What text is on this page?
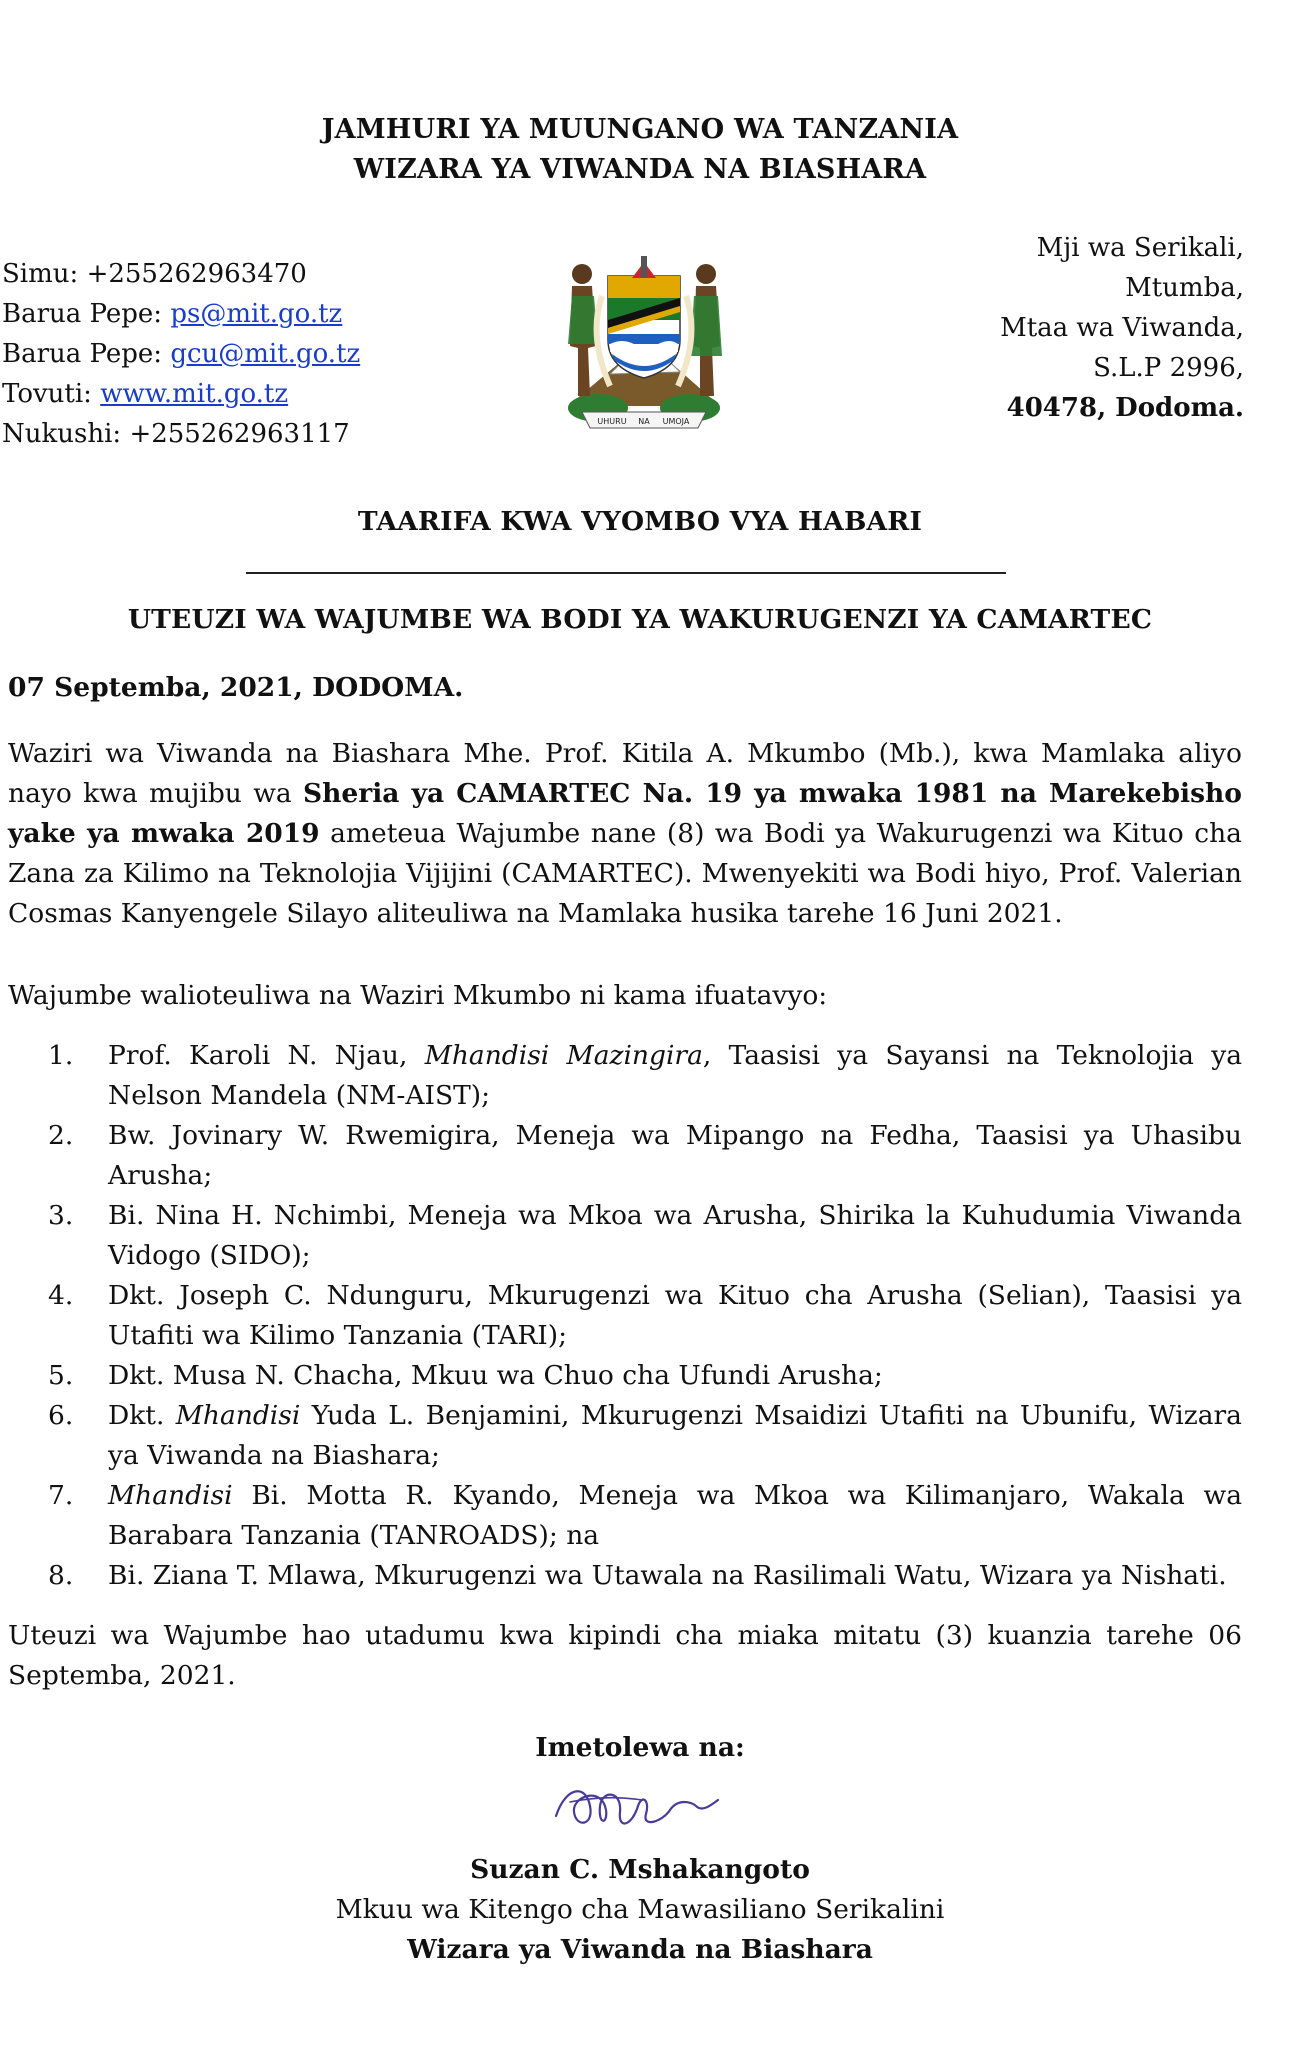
JAMHURI YA MUUNGANO WA TANZANIA
WIZARA YA VIWANDA NA BIASHARA
Simu: +255262963470
Barua Pepe: ps@mit.go.tz
Barua Pepe: gcu@mit.go.tz
Tovuti: www.mit.go.tz
Nukushi: +255262963117	UHURU NA UMOJA
Mji wa Serikali,
Mtumba,
Mtaa wa Viwanda,
S.L.P 2996,
40478, Dodoma.
TAARIFA KWA VYOMBO VYA HABARI
UTEUZI WA WAJUMBE WA BODI YA WAKURUGENZI YA CAMARTEC
07 Septemba, 2021, DODOMA.
Waziri wa Viwanda na Biashara Mhe. Prof. Kitila A. Mkumbo (Mb.), kwa Mamlaka aliyo nayo kwa mujibu wa Sheria ya CAMARTEC Na. 19 ya mwaka 1981 na Marekebisho yake ya mwaka 2019 ameteua Wajumbe nane (8) wa Bodi ya Wakurugenzi wa Kituo cha Zana za Kilimo na Teknolojia Vijijini (CAMARTEC). Mwenyekiti wa Bodi hiyo, Prof. Valerian Cosmas Kanyengele Silayo aliteuliwa na Mamlaka husika tarehe 16 Juni 2021.
Wajumbe walioteuliwa na Waziri Mkumbo ni kama ifuatavyo:
1. Prof. Karoli N. Njau, Mhandisi Mazingira, Taasisi ya Sayansi na Teknolojia ya Nelson Mandela (NM-AIST);
2. Bw. Jovinary W. Rwemigira, Meneja wa Mipango na Fedha, Taasisi ya Uhasibu Arusha;
3. Bi. Nina H. Nchimbi, Meneja wa Mkoa wa Arusha, Shirika la Kuhudumia Viwanda Vidogo (SIDO);
4. Dkt. Joseph C. Ndunguru, Mkurugenzi wa Kituo cha Arusha (Selian), Taasisi ya Utafiti wa Kilimo Tanzania (TARI);
5. Dkt. Musa N. Chacha, Mkuu wa Chuo cha Ufundi Arusha;
6. Dkt. Mhandisi Yuda L. Benjamini, Mkurugenzi Msaidizi Utafiti na Ubunifu, Wizara ya Viwanda na Biashara;
7. Mhandisi Bi. Motta R. Kyando, Meneja wa Mkoa wa Kilimanjaro, Wakala wa Barabara Tanzania (TANROADS); na
8. Bi. Ziana T. Mlawa, Mkurugenzi wa Utawala na Rasilimali Watu, Wizara ya Nishati.
Uteuzi wa Wajumbe hao utadumu kwa kipindi cha miaka mitatu (3) kuanzia tarehe 06 Septemba, 2021.
Imetolewa na:
Suzan C. Mshakangoto
Mkuu wa Kitengo cha Mawasiliano Serikalini
Wizara ya Viwanda na Biashara
